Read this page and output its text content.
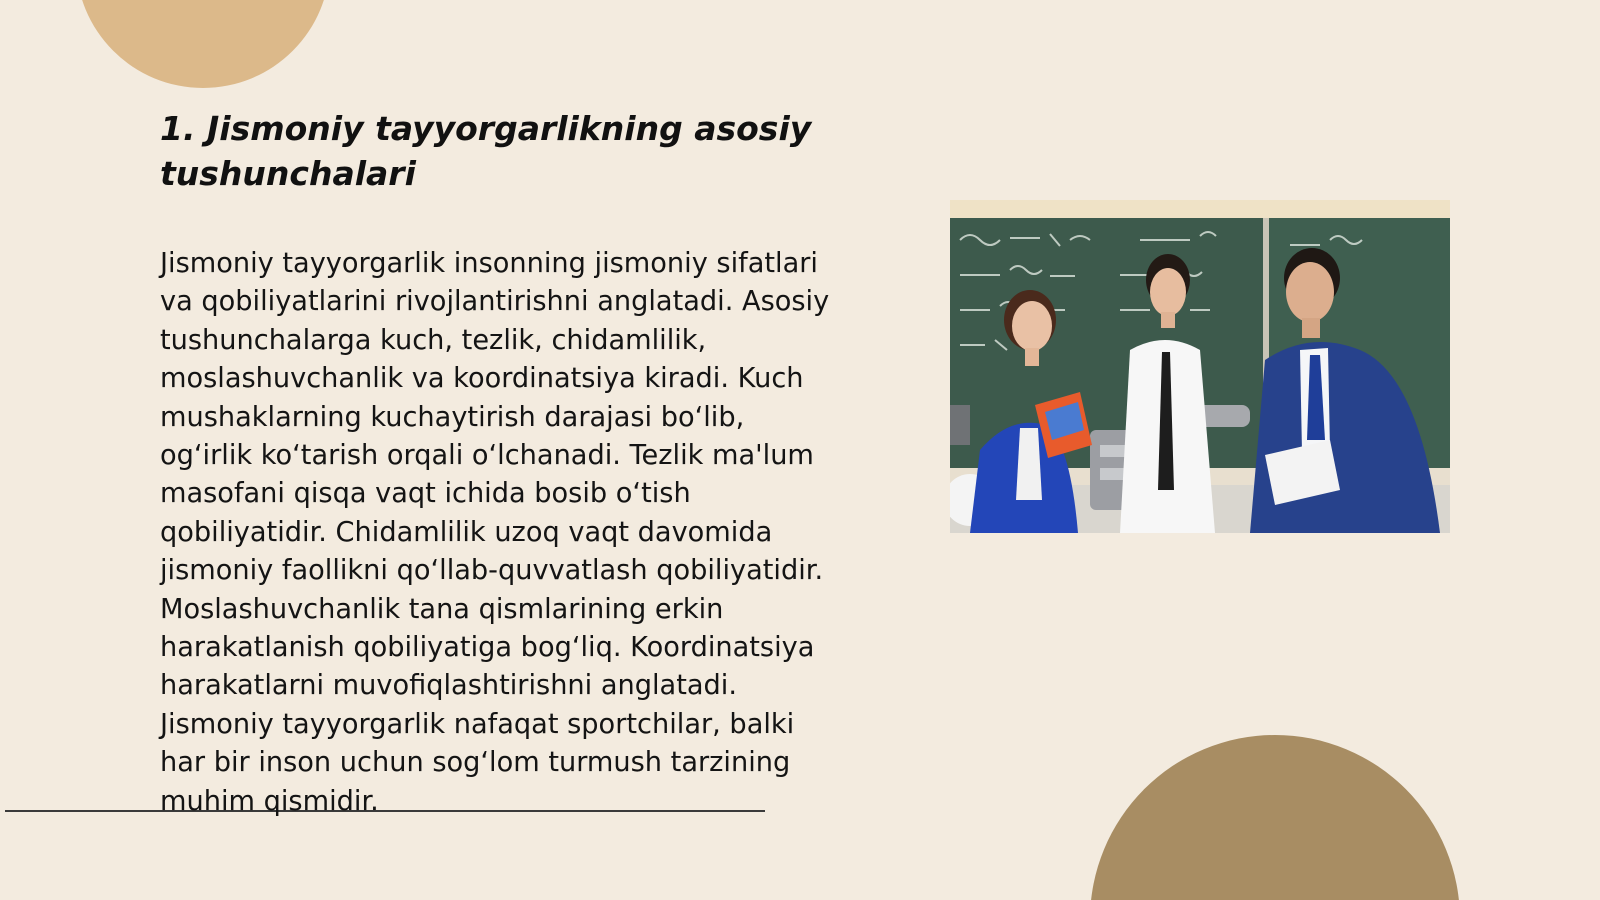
1. Jismoniy tayyorgarlikning asosiy tushunchalari

Jismoniy tayyorgarlik insonning jismoniy sifatlari va qobiliyatlarini rivojlantirishni anglatadi. Asosiy tushunchalarga kuch, tezlik, chidamlilik, moslashuvchanlik va koordinatsiya kiradi. Kuch mushaklarning kuchaytirish darajasi bo‘lib, og‘irlik ko‘tarish orqali o‘lchanadi. Tezlik ma'lum masofani qisqa vaqt ichida bosib o‘tish qobiliyatidir. Chidamlilik uzoq vaqt davomida jismoniy faollikni qo‘llab-quvvatlash qobiliyatidir. Moslashuvchanlik tana qismlarining erkin harakatlanish qobiliyatiga bog‘liq. Koordinatsiya harakatlarni muvofiqlashtirishni anglatadi. Jismoniy tayyorgarlik nafaqat sportchilar, balki har bir inson uchun sog‘lom turmush tarzining muhim qismidir.
